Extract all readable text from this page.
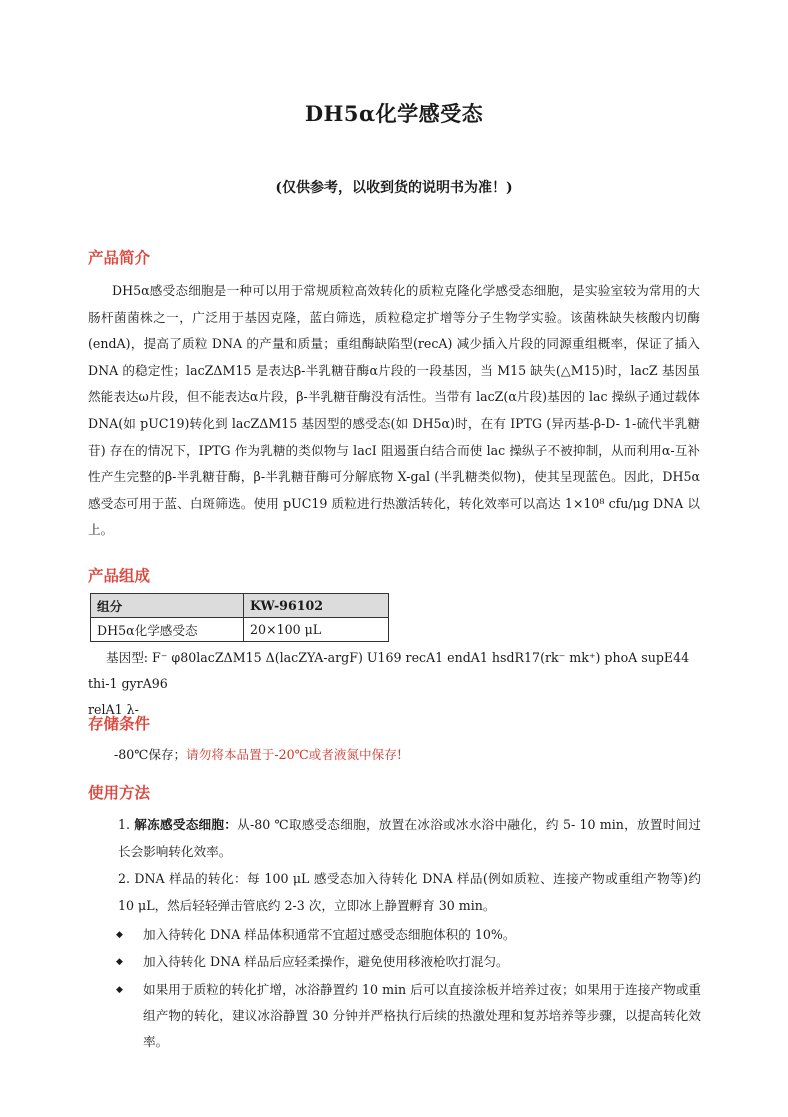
DH5α化学感受态
(仅供参考，以收到货的说明书为准！)
产品简介
DH5α感受态细胞是一种可以用于常规质粒高效转化的质粒克隆化学感受态细胞，是实验室较为常用的大肠杆菌菌株之一，广泛用于基因克隆，蓝白筛选，质粒稳定扩增等分子生物学实验。该菌株缺失核酸内切酶(endA)，提高了质粒 DNA 的产量和质量；重组酶缺陷型(recA) 减少插入片段的同源重组概率，保证了插入 DNA 的稳定性；lacZΔM15 是表达β-半乳糖苷酶α片段的一段基因，当 M15 缺失(△M15)时，lacZ 基因虽然能表达ω片段，但不能表达α片段，β-半乳糖苷酶没有活性。当带有 lacZ(α片段)基因的 lac 操纵子通过载体 DNA(如 pUC19)转化到 lacZΔM15 基因型的感受态(如 DH5α)时，在有 IPTG (异丙基-β-D- 1-硫代半乳糖苷) 存在的情况下，IPTG 作为乳糖的类似物与 lacI 阻遏蛋白结合而使 lac 操纵子不被抑制，从而利用α-互补性产生完整的β-半乳糖苷酶，β-半乳糖苷酶可分解底物 X-gal (半乳糖类似物)，使其呈现蓝色。因此，DH5α感受态可用于蓝、白斑筛选。使用 pUC19 质粒进行热激活转化，转化效率可以高达 1×10⁸ cfu/μg DNA 以上。
产品组成
组分	KW-96102
DH5α化学感受态	20×100 μL
基因型: F⁻ φ80lacZΔM15 Δ(lacZYA-argF) U169 recA1 endA1 hsdR17(rk⁻ mk⁺) phoA supE44 thi-1 gyrA96
relA1 λ-
存储条件
-80℃保存；请勿将本品置于-20℃或者液氮中保存!
使用方法
1. 解冻感受态细胞：从-80 ℃取感受态细胞，放置在冰浴或冰水浴中融化，约 5- 10 min，放置时间过长会影响转化效率。
2. DNA 样品的转化：每 100 μL 感受态加入待转化 DNA 样品(例如质粒、连接产物或重组产物等)约 10 μL，然后轻轻弹击管底约 2-3 次，立即冰上静置孵育 30 min。
◆ 加入待转化 DNA 样品体积通常不宜超过感受态细胞体积的 10%。
◆ 加入待转化 DNA 样品后应轻柔操作，避免使用移液枪吹打混匀。
◆ 如果用于质粒的转化扩增，冰浴静置约 10 min 后可以直接涂板并培养过夜；如果用于连接产物或重组产物的转化，建议冰浴静置 30 分钟并严格执行后续的热激处理和复苏培养等步骤，以提高转化效率。
